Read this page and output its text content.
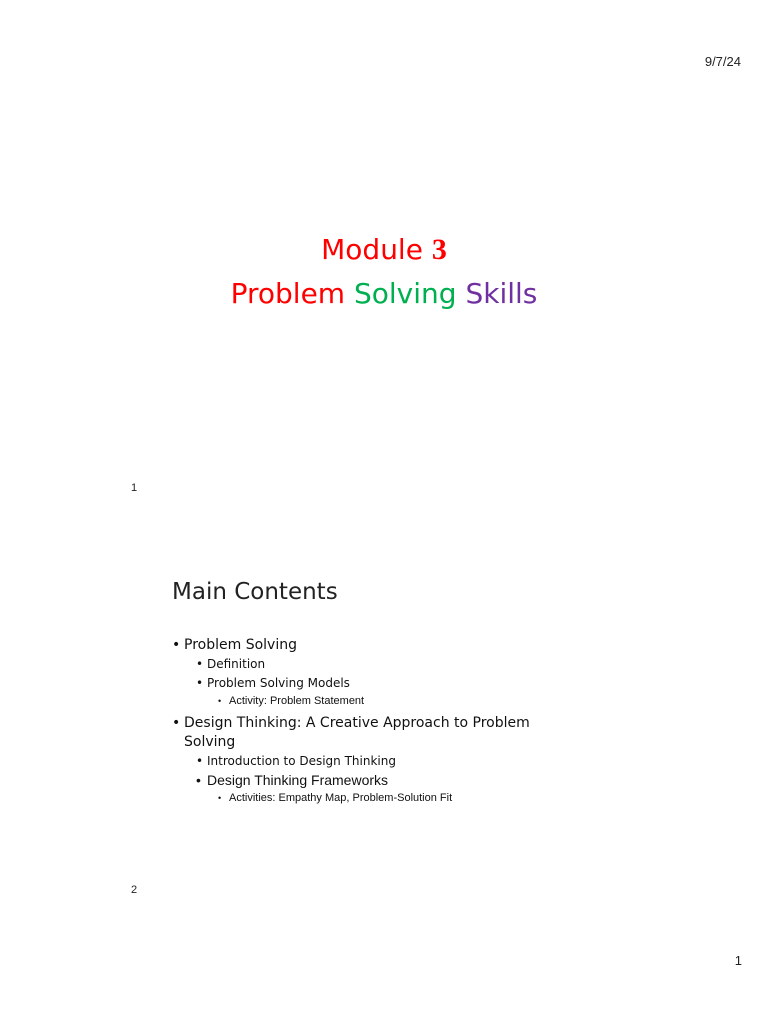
9/7/24
Module 3
Problem Solving Skills
1
Main Contents
• Problem Solving
• Definition
• Problem Solving Models
• Activity: Problem Statement
• Design Thinking: A Creative Approach to Problem Solving
• Introduction to Design Thinking
• Design Thinking Frameworks
• Activities: Empathy Map, Problem-Solution Fit
2
1
